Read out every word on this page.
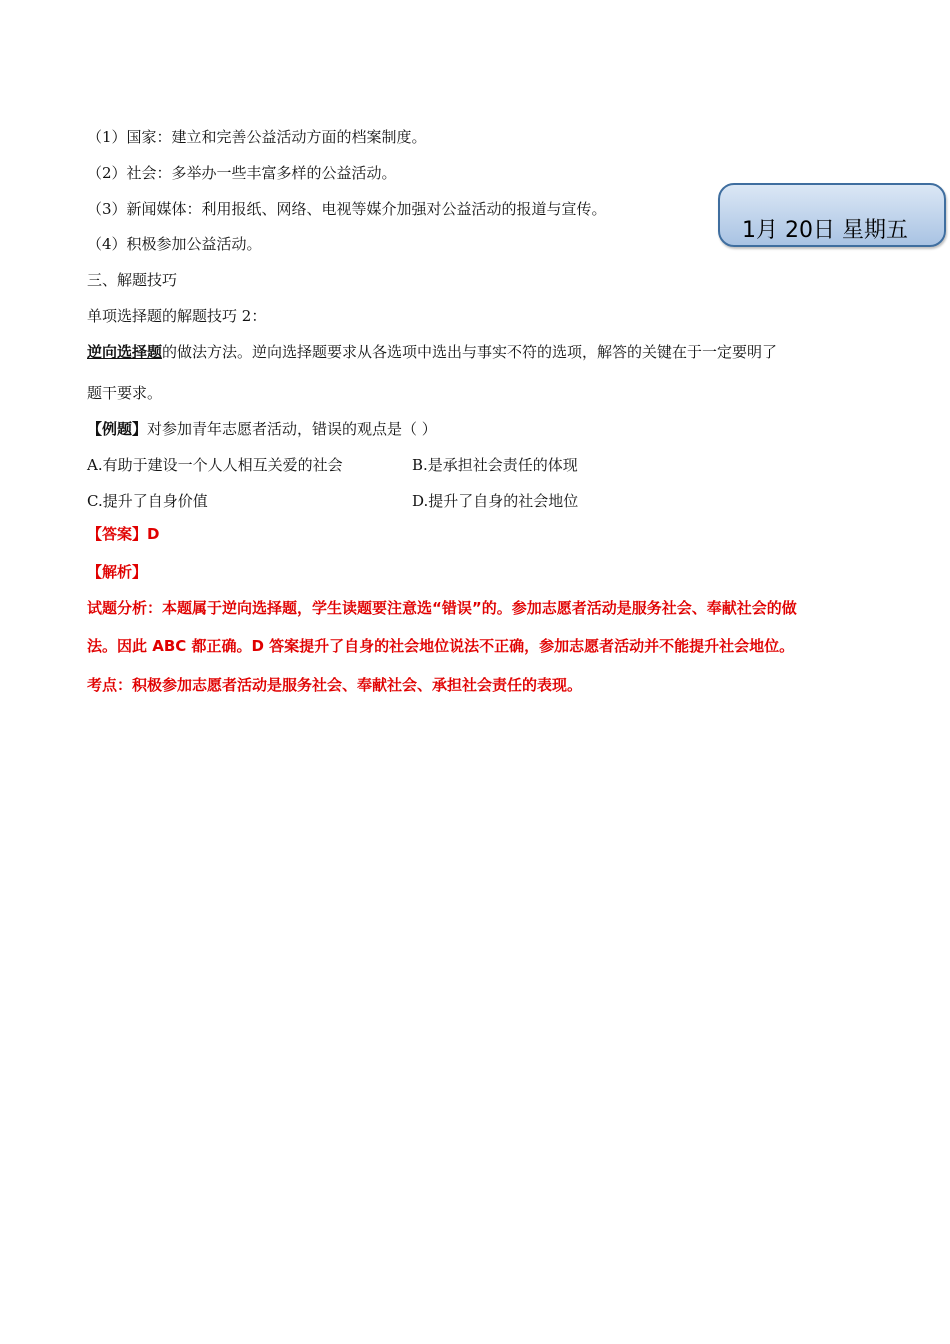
（1）国家：建立和完善公益活动方面的档案制度。
（2）社会：多举办一些丰富多样的公益活动。
（3）新闻媒体：利用报纸、网络、电视等媒介加强对公益活动的报道与宣传。
（4）积极参加公益活动。
1月 20日 星期五
三、解题技巧
单项选择题的解题技巧 2：
逆向选择题的做法方法。逆向选择题要求从各选项中选出与事实不符的选项，解答的关键在于一定要明了
题干要求。
【例题】对参加青年志愿者活动，错误的观点是（ ）
A.有助于建设一个人人相互关爱的社会	B.是承担社会责任的体现
C.提升了自身价值	D.提升了自身的社会地位
【答案】D
【解析】
试题分析：本题属于逆向选择题，学生读题要注意选“错误”的。参加志愿者活动是服务社会、奉献社会的做
法。因此 ABC 都正确。D 答案提升了自身的社会地位说法不正确，参加志愿者活动并不能提升社会地位。
考点：积极参加志愿者活动是服务社会、奉献社会、承担社会责任的表现。
